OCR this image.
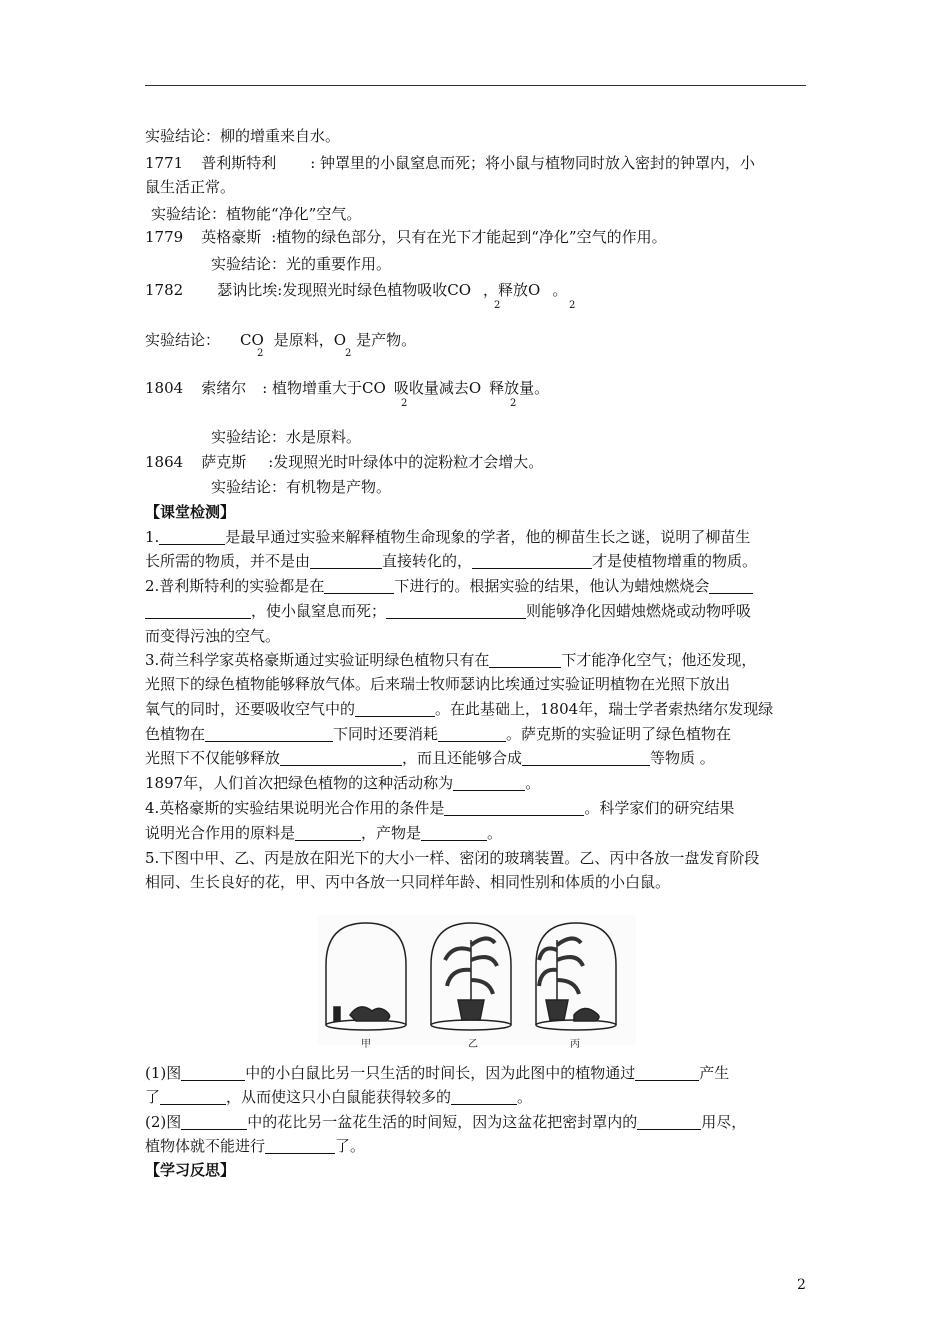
实验结论：柳的增重来自水。
1771 普利斯特利 : 钟罩里的小鼠窒息而死；将小鼠与植物同时放入密封的钟罩内，小
鼠生活正常。
实验结论：植物能“净化”空气。
1779 英格豪斯 :植物的绿色部分，只有在光下才能起到“净化”空气的作用。
实验结论：光的重要作用。
1782 瑟讷比埃:发现照光时绿色植物吸收CO ，释放O 。
2	2
实验结论： CO 是原料，O 是产物。
2	2
1804 索绪尔 : 植物增重大于CO 吸收量减去O 释放量。
2	2
实验结论：水是原料。
1864 萨克斯 :发现照光时叶绿体中的淀粉粒才会增大。
实验结论：有机物是产物。
【课堂检测】
1.	是最早通过实验来解释植物生命现象的学者，他的柳苗生长之谜，说明了柳苗生
长所需的物质，并不是由	直接转化的，	才是使植物增重的物质。
2.普利斯特利的实验都是在	下进行的。根据实验的结果，他认为蜡烛燃烧会
，使小鼠窒息而死；	则能够净化因蜡烛燃烧或动物呼吸
而变得污浊的空气。
3.荷兰科学家英格豪斯通过实验证明绿色植物只有在	下才能净化空气；他还发现，
光照下的绿色植物能够释放气体。后来瑞士牧师瑟讷比埃通过实验证明植物在光照下放出
氧气的同时，还要吸收空气中的	。在此基础上，1804年，瑞士学者索热绪尔发现绿
色植物在	下同时还要消耗	。萨克斯的实验证明了绿色植物在
光照下不仅能够释放	，而且还能够合成	等物质 。
1897年，人们首次把绿色植物的这种活动称为	。
4.英格豪斯的实验结果说明光合作用的条件是	。科学家们的研究结果
说明光合作用的原料是	，产物是	。
5.下图中甲、乙、丙是放在阳光下的大小一样、密闭的玻璃装置。乙、丙中各放一盘发育阶段
相同、生长良好的花，甲、丙中各放一只同样年龄、相同性别和体质的小白鼠。
甲	乙	丙
(1)图	中的小白鼠比另一只生活的时间长，因为此图中的植物通过	产生
了	，从而使这只小白鼠能获得较多的	。
(2)图	中的花比另一盆花生活的时间短，因为这盆花把密封罩内的	用尽，
植物体就不能进行	了。
【学习反思】
2
